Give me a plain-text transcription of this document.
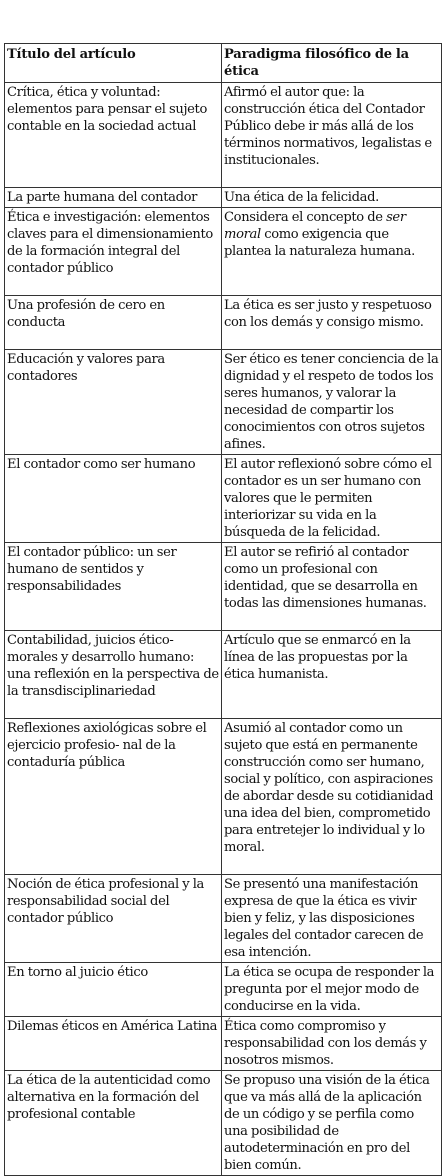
Título del artículo	Paradigma filosófico de la ética
Crítica, ética y voluntad: elementos para pensar el sujeto contable en la sociedad actual	Afirmó el autor que: la construcción ética del Contador Público debe ir más allá de los términos normativos, legalistas e institucionales.
La parte humana del contador	Una ética de la felicidad.
Ética e investigación: elementos claves para el dimensionamiento de la formación integral del contador público	Considera el concepto de ser moral como exigencia que plantea la naturaleza humana.
Una profesión de cero en conducta	La ética es ser justo y respetuoso con los demás y consigo mismo.
Educación y valores para contadores	Ser ético es tener conciencia de la dignidad y el respeto de todos los seres humanos, y valorar la necesidad de compartir los conocimientos con otros sujetos afines.
El contador como ser humano	El autor reflexionó sobre cómo el contador es un ser humano con valores que le permiten interiorizar su vida en la búsqueda de la felicidad.
El contador público: un ser humano de sentidos y responsabilidades	El autor se refirió al contador como un profesional con identidad, que se desarrolla en todas las dimensiones humanas.
Contabilidad, juicios ético-morales y desarrollo humano: una reflexión en la perspectiva de la transdisciplinariedad	Artículo que se enmarcó en la línea de las propuestas por la ética humanista.
Reflexiones axiológicas sobre el ejercicio profesio- nal de la contaduría pública	Asumió al contador como un sujeto que está en permanente construcción como ser humano, social y político, con aspiraciones de abordar desde su cotidianidad una idea del bien, comprometido para entretejer lo individual y lo moral.
Noción de ética profesional y la responsabilidad social del contador público	Se presentó una manifestación expresa de que la ética es vivir bien y feliz, y las disposiciones legales del contador carecen de esa intención.
En torno al juicio ético	La ética se ocupa de responder la pregunta por el mejor modo de conducirse en la vida.
Dilemas éticos en América Latina	Ética como compromiso y responsabilidad con los demás y nosotros mismos.
La ética de la autenticidad como alternativa en la formación del profesional contable	Se propuso una visión de la ética que va más allá de la aplicación de un código y se perfila como una posibilidad de autodeterminación en pro del bien común.
